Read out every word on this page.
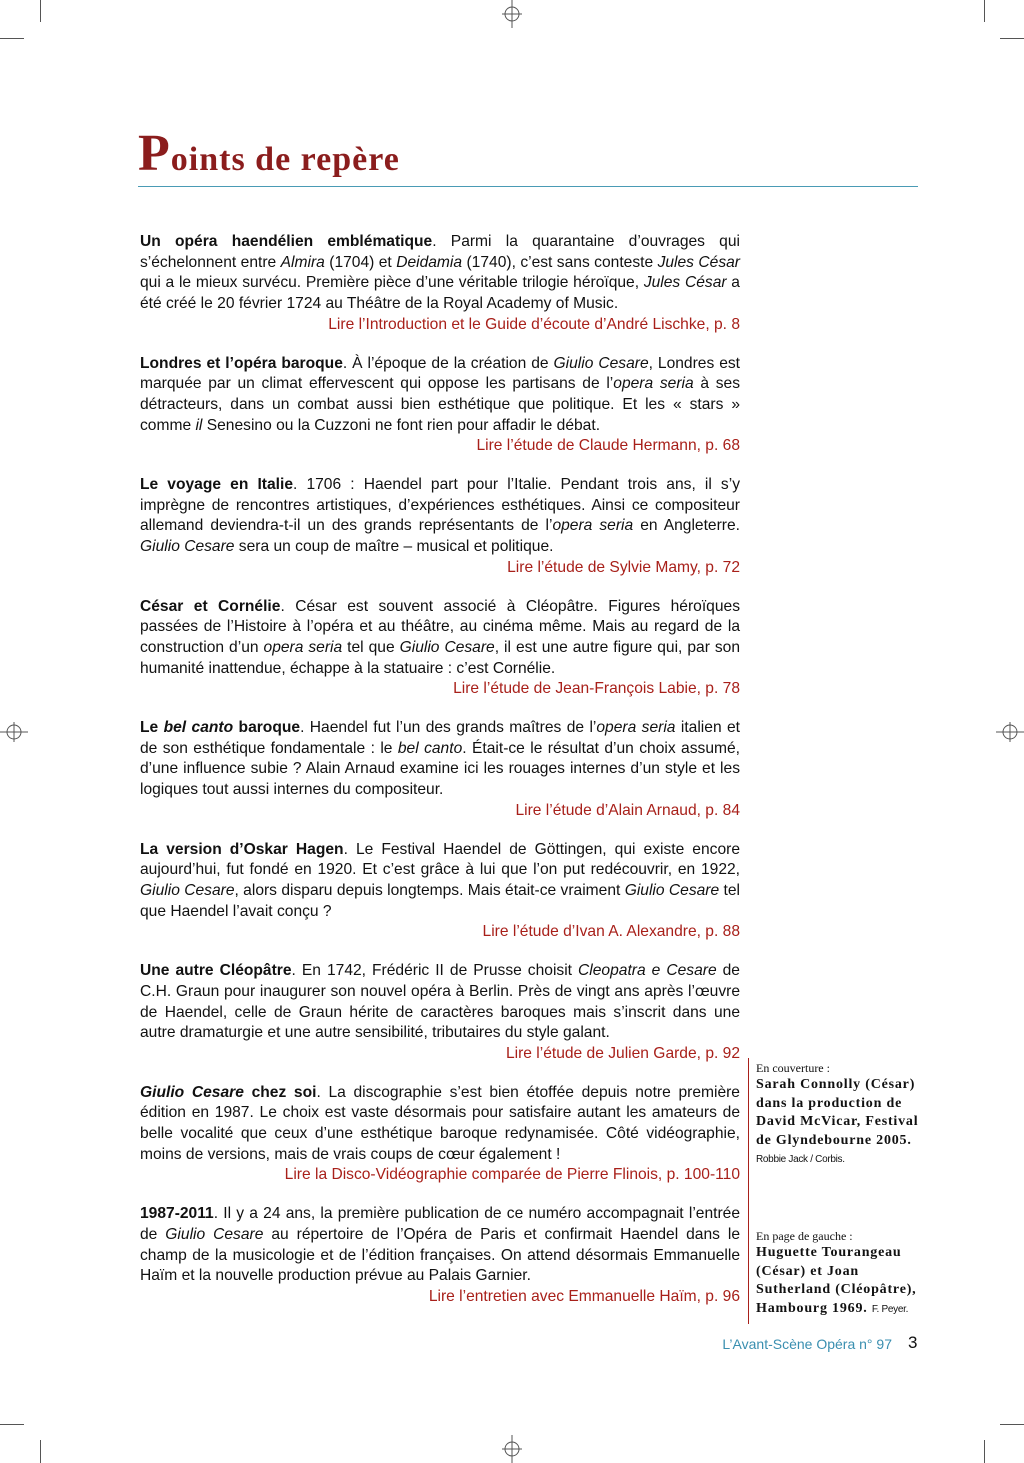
Points de repère

Un opéra haendélien emblématique. Parmi la quarantaine d’ouvrages qui s’échelonnent entre Almira (1704) et Deidamia (1740), c’est sans conteste Jules César qui a le mieux survécu. Première pièce d’une véritable trilogie héroïque, Jules César a été créé le 20 février 1724 au Théâtre de la Royal Academy of Music.
Lire l’Introduction et le Guide d’écoute d’André Lischke, p. 8

Londres et l’opéra baroque. À l’époque de la création de Giulio Cesare, Londres est marquée par un climat effervescent qui oppose les partisans de l’opera seria à ses détracteurs, dans un combat aussi bien esthétique que politique. Et les « stars » comme il Senesino ou la Cuzzoni ne font rien pour affadir le débat.
Lire l’étude de Claude Hermann, p. 68

Le voyage en Italie. 1706 : Haendel part pour l’Italie. Pendant trois ans, il s’y imprègne de rencontres artistiques, d’expériences esthétiques. Ainsi ce compositeur allemand deviendra-t-il un des grands représentants de l’opera seria en Angleterre. Giulio Cesare sera un coup de maître – musical et politique.
Lire l’étude de Sylvie Mamy, p. 72

César et Cornélie. César est souvent associé à Cléopâtre. Figures héroïques passées de l’Histoire à l’opéra et au théâtre, au cinéma même. Mais au regard de la construction d’un opera seria tel que Giulio Cesare, il est une autre figure qui, par son humanité inattendue, échappe à la statuaire : c’est Cornélie.
Lire l’étude de Jean-François Labie, p. 78

Le bel canto baroque. Haendel fut l’un des grands maîtres de l’opera seria italien et de son esthétique fondamentale : le bel canto. Était-ce le résultat d’un choix assumé, d’une influence subie ? Alain Arnaud examine ici les rouages internes d’un style et les logiques tout aussi internes du compositeur.
Lire l’étude d’Alain Arnaud, p. 84

La version d’Oskar Hagen. Le Festival Haendel de Göttingen, qui existe encore aujourd’hui, fut fondé en 1920. Et c’est grâce à lui que l’on put redécouvrir, en 1922, Giulio Cesare, alors disparu depuis longtemps. Mais était-ce vraiment Giulio Cesare tel que Haendel l’avait conçu ?
Lire l’étude d’Ivan A. Alexandre, p. 88

Une autre Cléopâtre. En 1742, Frédéric II de Prusse choisit Cleopatra e Cesare de C.H. Graun pour inaugurer son nouvel opéra à Berlin. Près de vingt ans après l’œuvre de Haendel, celle de Graun hérite de caractères baroques mais s’inscrit dans une autre dramaturgie et une autre sensibilité, tributaires du style galant.
Lire l’étude de Julien Garde, p. 92

Giulio Cesare chez soi. La discographie s’est bien étoffée depuis notre première édition en 1987. Le choix est vaste désormais pour satisfaire autant les amateurs de belle vocalité que ceux d’une esthétique baroque redynamisée. Côté vidéographie, moins de versions, mais de vrais coups de cœur également !
Lire la Disco-Vidéographie comparée de Pierre Flinois, p. 100-110

1987-2011. Il y a 24 ans, la première publication de ce numéro accompagnait l’entrée de Giulio Cesare au répertoire de l’Opéra de Paris et confirmait Haendel dans le champ de la musicologie et de l’édition françaises. On attend désormais Emmanuelle Haïm et la nouvelle production prévue au Palais Garnier.
Lire l’entretien avec Emmanuelle Haïm, p. 96

En couverture :
Sarah Connolly (César) dans la production de David McVicar, Festival de Glyndebourne 2005. Robbie Jack / Corbis.
En page de gauche :
Huguette Tourangeau (César) et Joan Sutherland (Cléopâtre), Hambourg 1969. F. Peyer.
L’Avant-Scène Opéra n° 97 3
